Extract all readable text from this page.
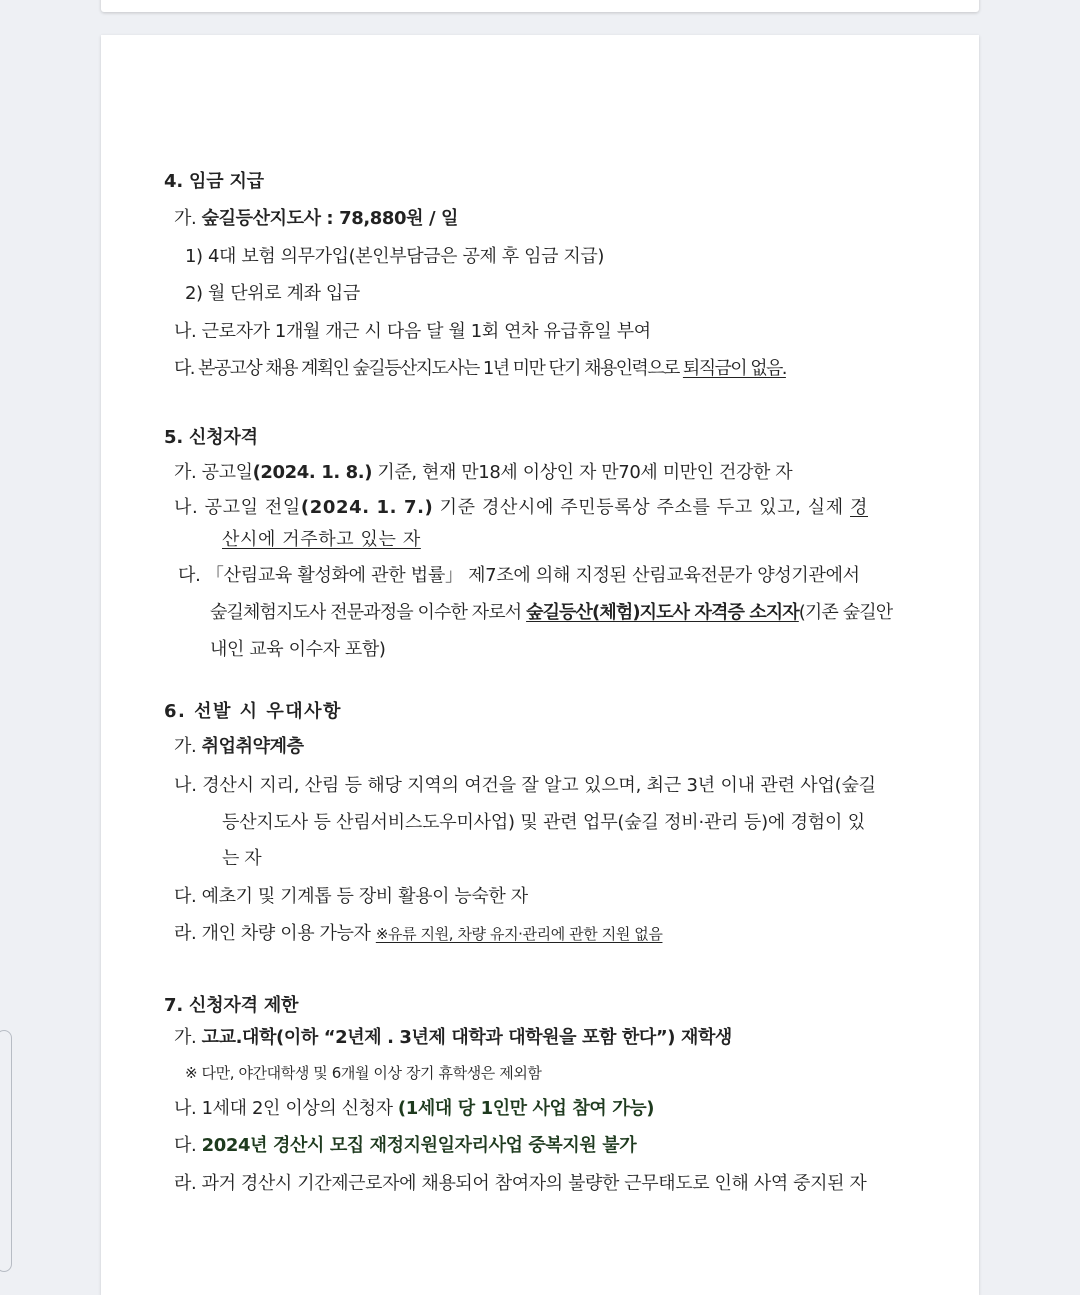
4. 임금 지급
가. 숲길등산지도사 : 78,880원 / 일
1) 4대 보험 의무가입(본인부담금은 공제 후 임금 지급)
2) 월 단위로 계좌 입금
나. 근로자가 1개월 개근 시 다음 달 월 1회 연차 유급휴일 부여
다. 본공고상 채용 계획인 숲길등산지도사는 1년 미만 단기 채용인력으로 퇴직금이 없음.
5. 신청자격
가. 공고일(2024. 1. 8.) 기준, 현재 만18세 이상인 자 만70세 미만인 건강한 자
나. 공고일 전일(2024. 1. 7.) 기준 경산시에 주민등록상 주소를 두고 있고, 실제 경
산시에 거주하고 있는 자
다. 「산림교육 활성화에 관한 법률」 제7조에 의해 지정된 산림교육전문가 양성기관에서
숲길체험지도사 전문과정을 이수한 자로서 숲길등산(체험)지도사 자격증 소지자(기존 숲길안
내인 교육 이수자 포함)
6. 선발 시 우대사항
가. 취업취약계층
나. 경산시 지리, 산림 등 해당 지역의 여건을 잘 알고 있으며, 최근 3년 이내 관련 사업(숲길
등산지도사 등 산림서비스도우미사업) 및 관련 업무(숲길 정비·관리 등)에 경험이 있
는 자
다. 예초기 및 기계톱 등 장비 활용이 능숙한 자
라. 개인 차량 이용 가능자 ※유류 지원, 차량 유지·관리에 관한 지원 없음
7. 신청자격 제한
가. 고교.대학(이하 “2년제 . 3년제 대학과 대학원을 포함 한다”) 재학생
※ 다만, 야간대학생 및 6개월 이상 장기 휴학생은 제외함
나. 1세대 2인 이상의 신청자 (1세대 당 1인만 사업 참여 가능)
다. 2024년 경산시 모집 재정지원일자리사업 중복지원 불가
라. 과거 경산시 기간제근로자에 채용되어 참여자의 불량한 근무태도로 인해 사역 중지된 자
